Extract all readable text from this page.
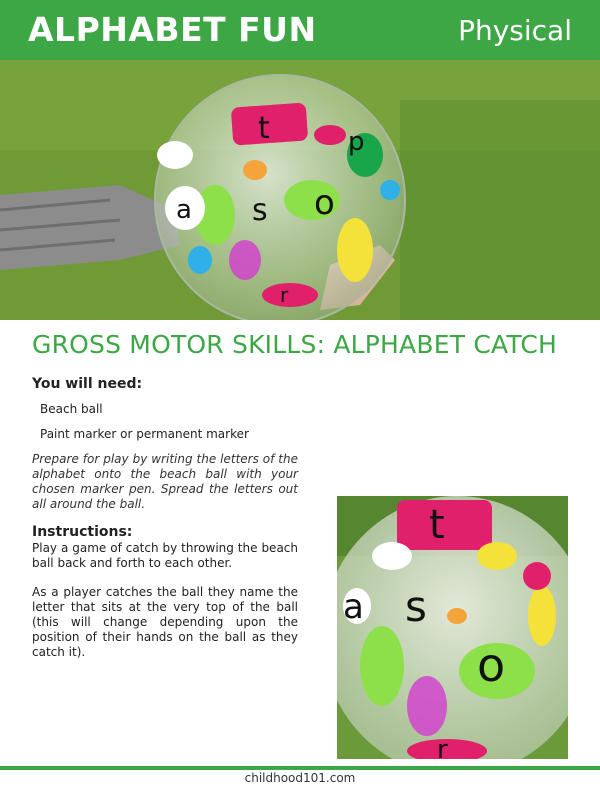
ALPHABET FUN	Physical
t
a s o
p
r
GROSS MOTOR SKILLS: ALPHABET CATCH
You will need:
Beach ball
Paint marker or permanent marker
Prepare for play by writing the letters of the alphabet onto the beach ball with your chosen marker pen. Spread the letters out all around the ball.
Instructions:

Play a game of catch by throwing the beach ball back and forth to each other.

As a player catches the ball they name the letter that sits at the very top of the ball (this will change depending upon the position of their hands on the ball as they catch it).

t
a s
o
r
childhood101.com
